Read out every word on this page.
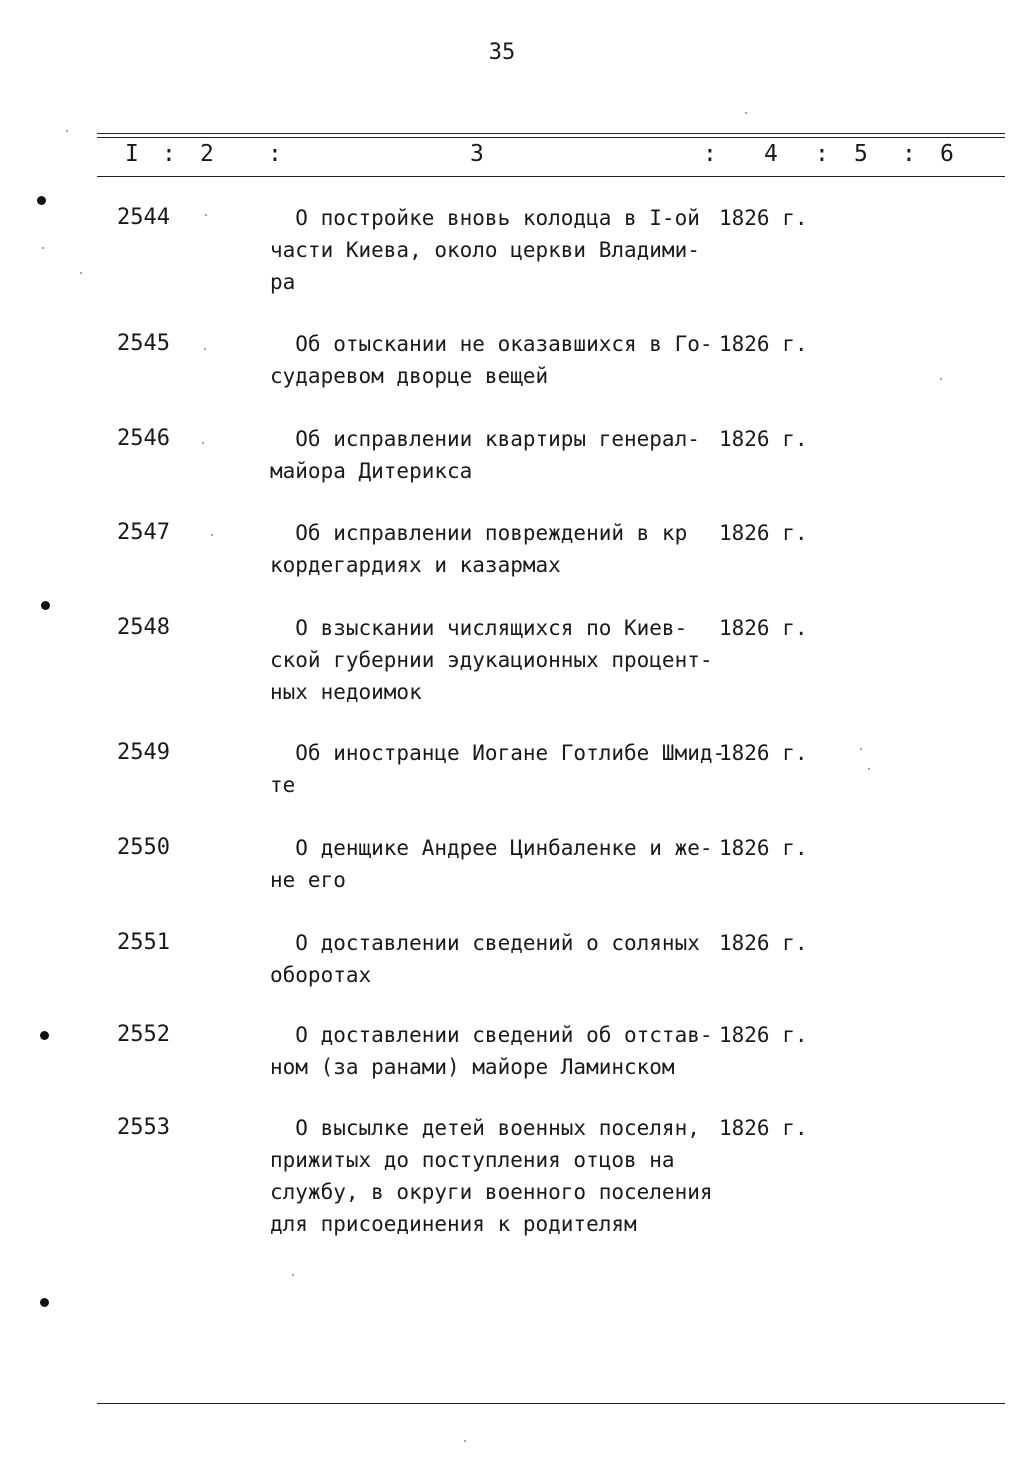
35
I : 2 :	3	: 4 : 5 : 6
2544	О постройке вновь колодца в I-ой
части Киева, около церкви Владими-
ра
1826 г.
2545	Об отыскании не оказавшихся в Го-
сударевом дворце вещей
1826 г.
2546	Об исправлении квартиры генерал-
майора Дитерикса
1826 г.
2547	Об исправлении повреждений в кр
кордегардиях и казармах
1826 г.
2548	О взыскании числящихся по Киев-
ской губернии эдукационных процент-
ных недоимок
1826 г.
2549	Об иностранце Иогане Готлибе Шмид-
те
1826 г.
2550	О денщике Андрее Цинбаленке и же-
не его
1826 г.
2551	О доставлении сведений о соляных
оборотах
1826 г.
2552	О доставлении сведений об отстав-
ном (за ранами) майоре Ламинском
1826 г.
2553	О высылке детей военных поселян,
прижитых до поступления отцов на
службу, в округи военного поселения
для присоединения к родителям
1826 г.
